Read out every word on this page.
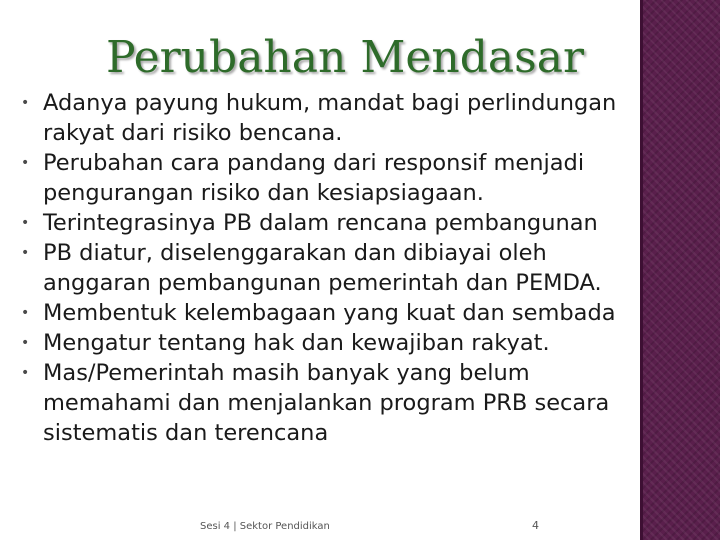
Perubahan Mendasar
• Adanya payung hukum, mandat bagi perlindungan rakyat dari risiko bencana.
• Perubahan cara pandang dari responsif menjadi pengurangan risiko dan kesiapsiagaan.
• Terintegrasinya PB dalam rencana pembangunan
• PB diatur, diselenggarakan dan dibiayai oleh anggaran pembangunan pemerintah dan PEMDA.
• Membentuk kelembagaan yang kuat dan sembada
• Mengatur tentang hak dan kewajiban rakyat.
• Mas/Pemerintah masih banyak yang belum memahami dan menjalankan program PRB secara sistematis dan terencana
Sesi 4 | Sektor Pendidikan	4
